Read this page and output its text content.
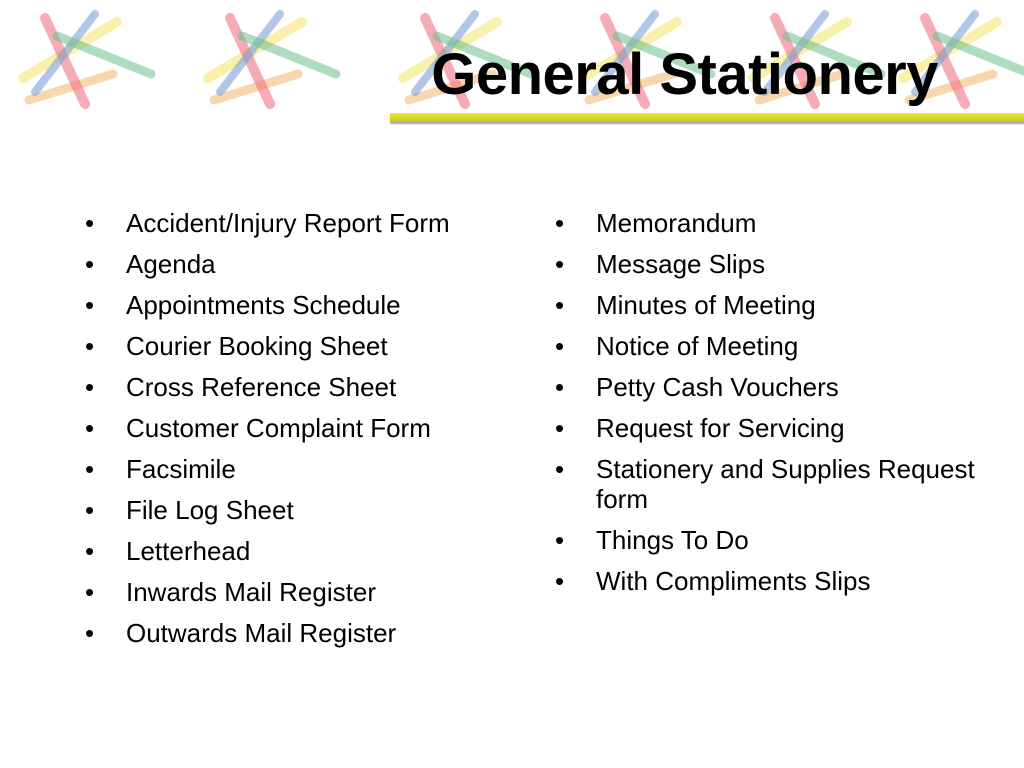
General Stationery
•	Accident/Injury Report Form
•	Agenda
•	Appointments Schedule
•	Courier Booking Sheet
•	Cross Reference Sheet
•	Customer Complaint Form
•	Facsimile
•	File Log Sheet
•	Letterhead
•	Inwards Mail Register
•	Outwards Mail Register
•	Memorandum
•	Message Slips
•	Minutes of Meeting
•	Notice of Meeting
•	Petty Cash Vouchers
•	Request for Servicing
•	Stationery and Supplies Request form
•	Things To Do
•	With Compliments Slips
